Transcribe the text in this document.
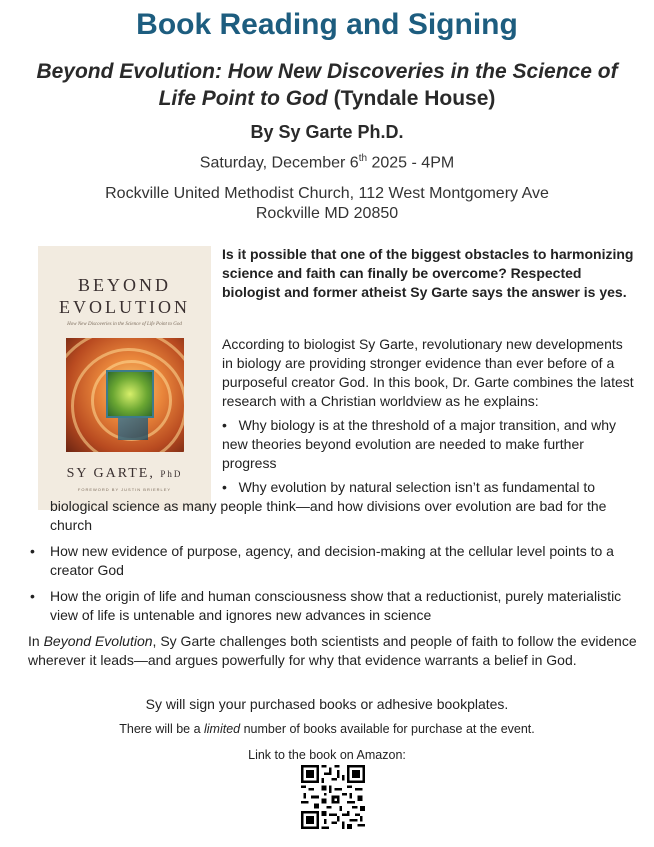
Book Reading and Signing

Beyond Evolution: How New Discoveries in the Science of Life Point to God (Tyndale House)

By Sy Garte Ph.D.
Saturday, December 6th 2025 - 4PM
Rockville United Methodist Church, 112 West Montgomery Ave
Rockville MD 20850
BEYOND
EVOLUTION
How New Discoveries in the Science of Life Point to God
SY GARTE, PhD
FOREWORD BY JUSTIN BRIERLEY

Is it possible that one of the biggest obstacles to harmonizing science and faith can finally be overcome? Respected biologist and former atheist Sy Garte says the answer is yes.

According to biologist Sy Garte, revolutionary new developments in biology are providing stronger evidence than ever before of a purposeful creator God. In this book, Dr. Garte combines the latest research with a Christian worldview as he explains:

• Why biology is at the threshold of a major transition, and why new theories beyond evolution are needed to make further progress

• Why evolution by natural selection isn’t as fundamental to biological science as many people think—and how divisions over evolution are bad for the church

• How new evidence of purpose, agency, and decision-making at the cellular level points to a creator God
• How the origin of life and human consciousness show that a reductionist, purely materialistic view of life is untenable and ignores new advances in science

In Beyond Evolution, Sy Garte challenges both scientists and people of faith to follow the evidence wherever it leads—and argues powerfully for why that evidence warrants a belief in God.

Sy will sign your purchased books or adhesive bookplates.
There will be a limited number of books available for purchase at the event.
Link to the book on Amazon:
